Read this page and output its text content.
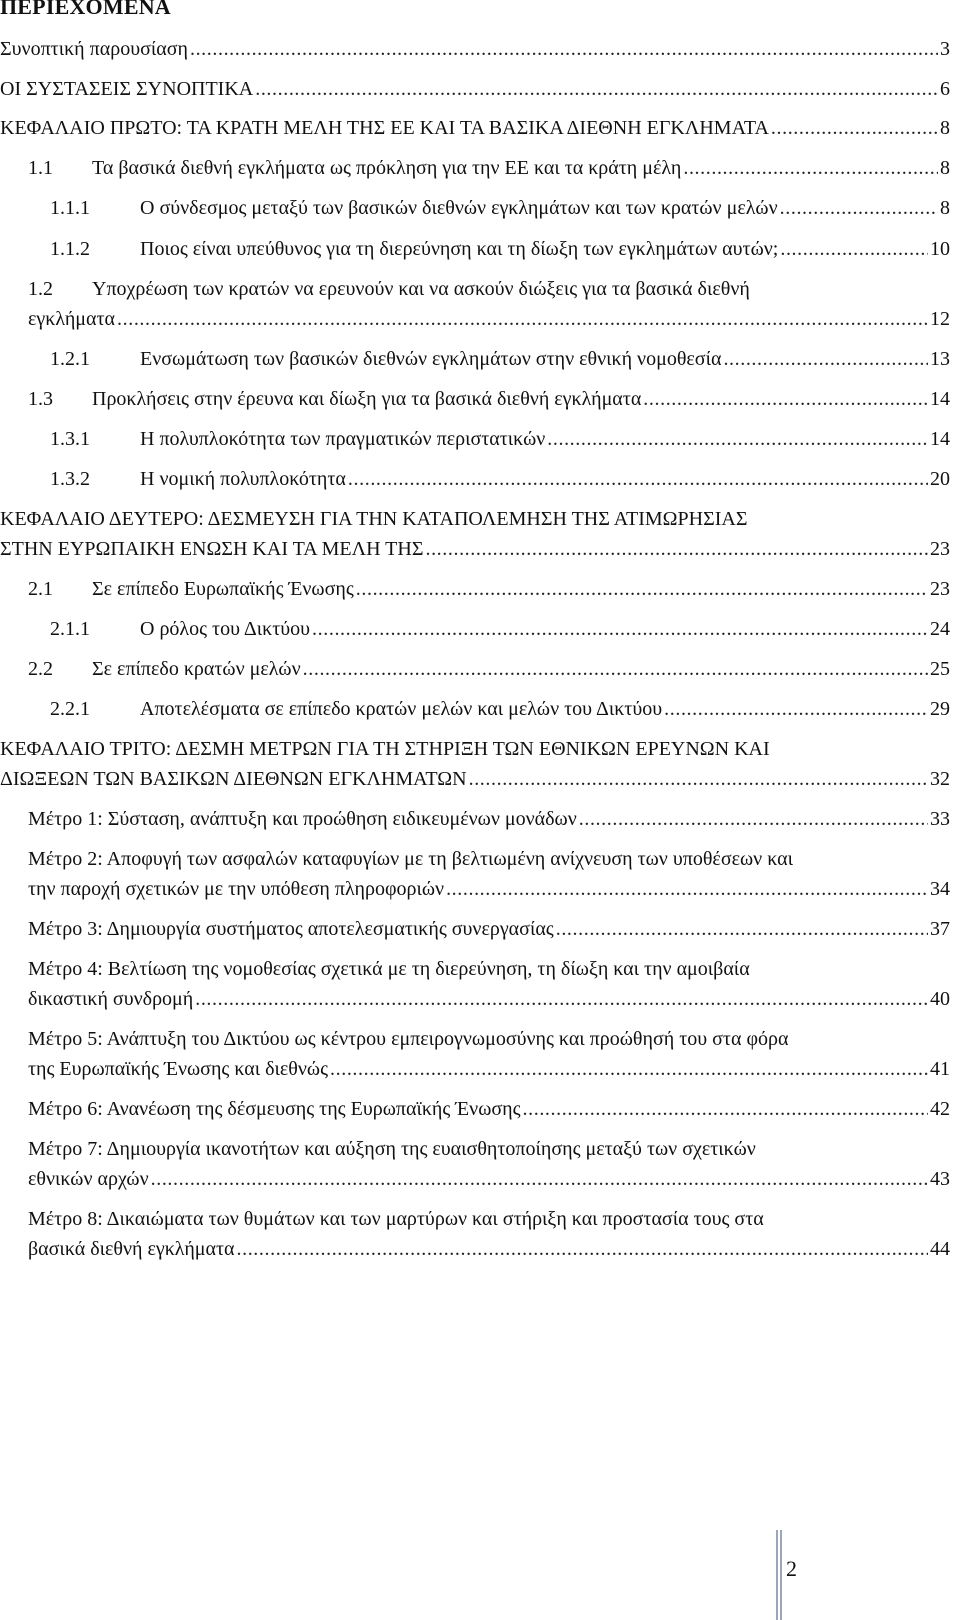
ΠΕΡΙΕΧΟΜΕΝΑ
Συνοπτική παρουσίαση .....	3
ΟΙ ΣΥΣΤΑΣΕΙΣ ΣΥΝΟΠΤΙΚΑ .....	6
ΚΕΦΑΛΑΙΟ ΠΡΩΤΟ: ΤΑ ΚΡΑΤΗ ΜΕΛΗ ΤΗΣ ΕΕ ΚΑΙ ΤΑ ΒΑΣΙΚΑ ΔΙΕΘΝΗ ΕΓΚΛΗΜΑΤΑ .....	8
1.1 Τα βασικά διεθνή εγκλήματα ως πρόκληση για την ΕΕ και τα κράτη μέλη .....	8
1.1.1	Ο σύνδεσμος μεταξύ των βασικών διεθνών εγκλημάτων και των κρατών μελών .....	8
1.1.2	Ποιος είναι υπεύθυνος για τη διερεύνηση και τη δίωξη των εγκλημάτων αυτών; .....	10
1.2 Υποχρέωση των κρατών να ερευνούν και να ασκούν διώξεις για τα βασικά διεθνή
εγκλήματα .....	12
1.2.1	Ενσωμάτωση των βασικών διεθνών εγκλημάτων στην εθνική νομοθεσία .....	13
1.3 Προκλήσεις στην έρευνα και δίωξη για τα βασικά διεθνή εγκλήματα .....	14
1.3.1	Η πολυπλοκότητα των πραγματικών περιστατικών .....	14
1.3.2	Η νομική πολυπλοκότητα .....	20
ΚΕΦΑΛΑΙΟ ΔΕΥΤΕΡΟ: ΔΕΣΜΕΥΣΗ ΓΙΑ ΤΗΝ ΚΑΤΑΠΟΛΕΜΗΣΗ ΤΗΣ ΑΤΙΜΩΡΗΣΙΑΣ
ΣΤΗΝ ΕΥΡΩΠΑΙΚΗ ΕΝΩΣΗ ΚΑΙ ΤΑ ΜΕΛΗ ΤΗΣ .....	23
2.1 Σε επίπεδο Ευρωπαϊκής Ένωσης .....	23
2.1.1	Ο ρόλος του Δικτύου .....	24
2.2 Σε επίπεδο κρατών μελών .....	25
2.2.1	Αποτελέσματα σε επίπεδο κρατών μελών και μελών του Δικτύου .....	29
ΚΕΦΑΛΑΙΟ ΤΡΙΤΟ: ΔΕΣΜΗ ΜΕΤΡΩΝ ΓΙΑ ΤΗ ΣΤΗΡΙΞΗ ΤΩΝ ΕΘΝΙΚΩΝ ΕΡΕΥΝΩΝ ΚΑΙ
ΔΙΩΞΕΩΝ ΤΩΝ ΒΑΣΙΚΩΝ ΔΙΕΘΝΩΝ ΕΓΚΛΗΜΑΤΩΝ .....	32
Μέτρο 1: Σύσταση, ανάπτυξη και προώθηση ειδικευμένων μονάδων .....	33
Μέτρο 2: Αποφυγή των ασφαλών καταφυγίων με τη βελτιωμένη ανίχνευση των υποθέσεων και
την παροχή σχετικών με την υπόθεση πληροφοριών .....	34
Μέτρο 3: Δημιουργία συστήματος αποτελεσματικής συνεργασίας .....	37
Μέτρο 4: Βελτίωση της νομοθεσίας σχετικά με τη διερεύνηση, τη δίωξη και την αμοιβαία
δικαστική συνδρομή .....	40
Μέτρο 5: Ανάπτυξη του Δικτύου ως κέντρου εμπειρογνωμοσύνης και προώθησή του στα φόρα
της Ευρωπαϊκής Ένωσης και διεθνώς .....	41
Μέτρο 6: Ανανέωση της δέσμευσης της Ευρωπαϊκής Ένωσης .....	42
Μέτρο 7: Δημιουργία ικανοτήτων και αύξηση της ευαισθητοποίησης μεταξύ των σχετικών
εθνικών αρχών .....	43
Μέτρο 8: Δικαιώματα των θυμάτων και των μαρτύρων και στήριξη και προστασία τους στα
βασικά διεθνή εγκλήματα .....	44
2
